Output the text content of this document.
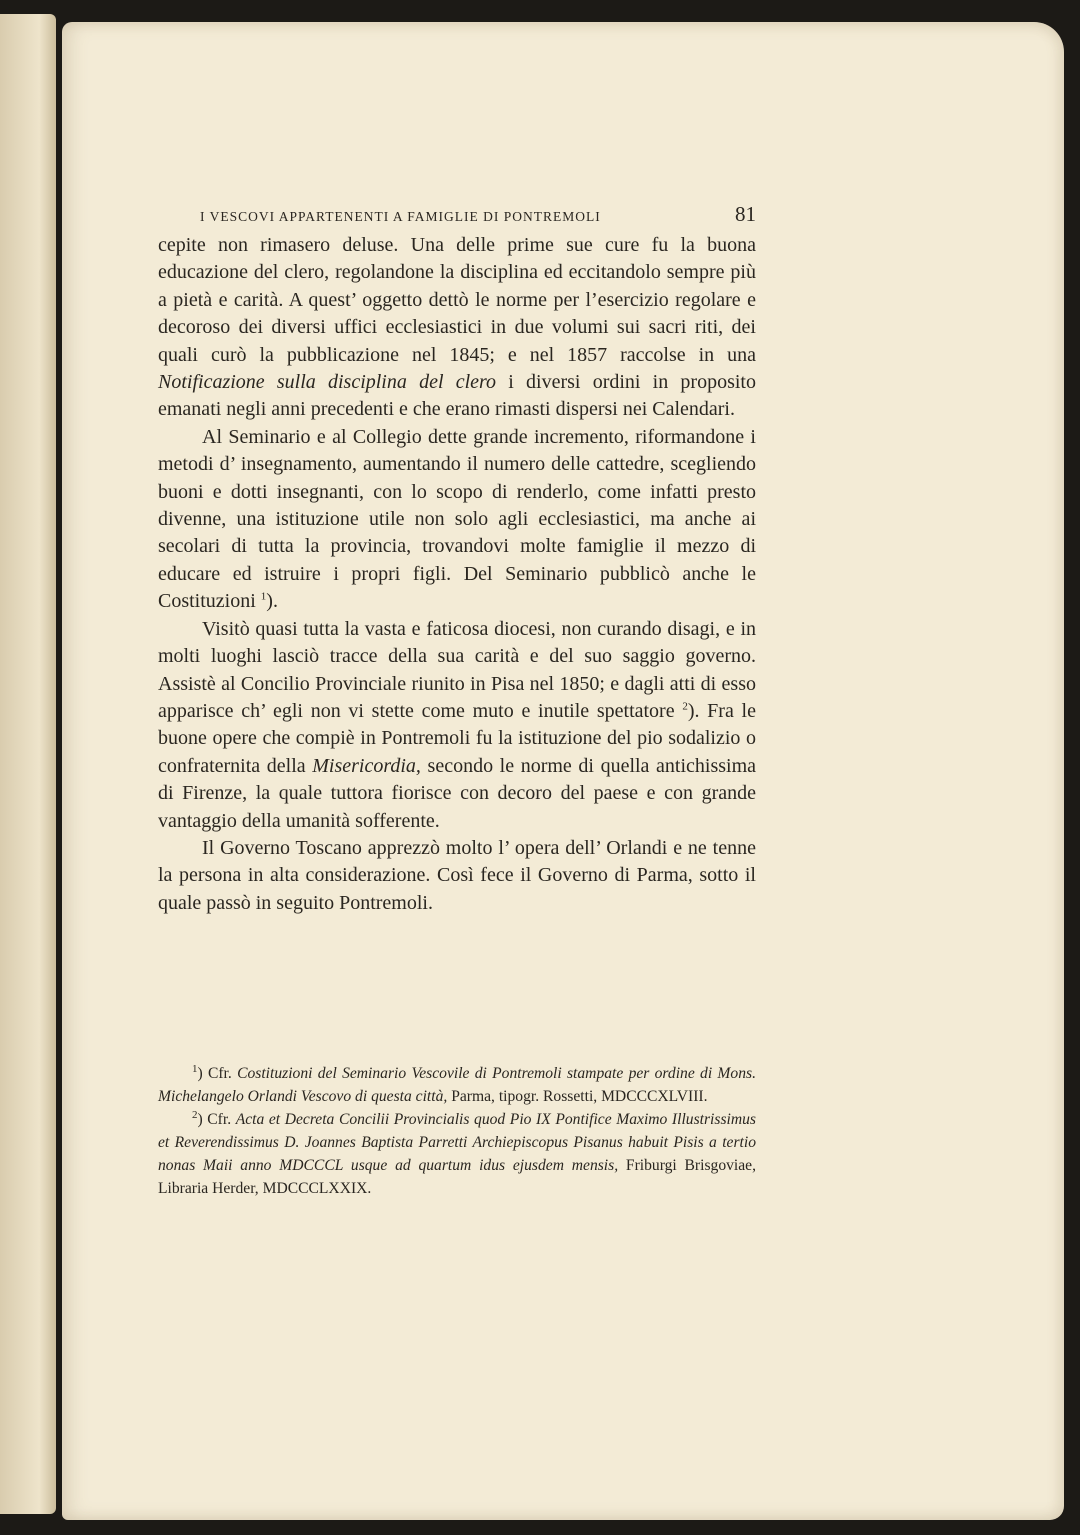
I VESCOVI APPARTENENTI A FAMIGLIE DI PONTREMOLI	81

cepite non rimasero deluse. Una delle prime sue cure fu la buona educazione del clero, regolandone la disciplina ed eccitandolo sempre più a pietà e carità. A quest’ oggetto dettò le norme per l’esercizio regolare e decoroso dei diversi uffici ecclesiastici in due volumi sui sacri riti, dei quali curò la pubblicazione nel 1845; e nel 1857 raccolse in una Notificazione sulla disciplina del clero i diversi ordini in proposito emanati negli anni precedenti e che erano rimasti dispersi nei Calendari.

Al Seminario e al Collegio dette grande incremento, riformandone i metodi d’ insegnamento, aumentando il numero delle cattedre, scegliendo buoni e dotti insegnanti, con lo scopo di renderlo, come infatti presto divenne, una istituzione utile non solo agli ecclesiastici, ma anche ai secolari di tutta la provincia, trovandovi molte famiglie il mezzo di educare ed istruire i propri figli. Del Seminario pubblicò anche le Costituzioni $^1$).

Visitò quasi tutta la vasta e faticosa diocesi, non curando disagi, e in molti luoghi lasciò tracce della sua carità e del suo saggio governo. Assistè al Concilio Provinciale riunito in Pisa nel 1850; e dagli atti di esso apparisce ch’ egli non vi stette come muto e inutile spettatore $^2$). Fra le buone opere che compiè in Pontremoli fu la istituzione del pio sodalizio o confraternita della Misericordia, secondo le norme di quella antichissima di Firenze, la quale tuttora fiorisce con decoro del paese e con grande vantaggio della umanità sofferente.

Il Governo Toscano apprezzò molto l’ opera dell’ Orlandi e ne tenne la persona in alta considerazione. Così fece il Governo di Parma, sotto il quale passò in seguito Pontremoli.

$^1$) Cfr. Costituzioni del Seminario Vescovile di Pontremoli stampate per ordine di Mons. Michelangelo Orlandi Vescovo di questa città, Parma, tipogr. Rossetti, MDCCCXLVIII.

$^2$) Cfr. Acta et Decreta Concilii Provincialis quod Pio IX Pontifice Maximo Illustrissimus et Reverendissimus D. Joannes Baptista Parretti Archiepiscopus Pisanus habuit Pisis a tertio nonas Maii anno MDCCCL usque ad quartum idus ejusdem mensis, Friburgi Brisgoviae, Libraria Herder, MDCCCLXXIX.
